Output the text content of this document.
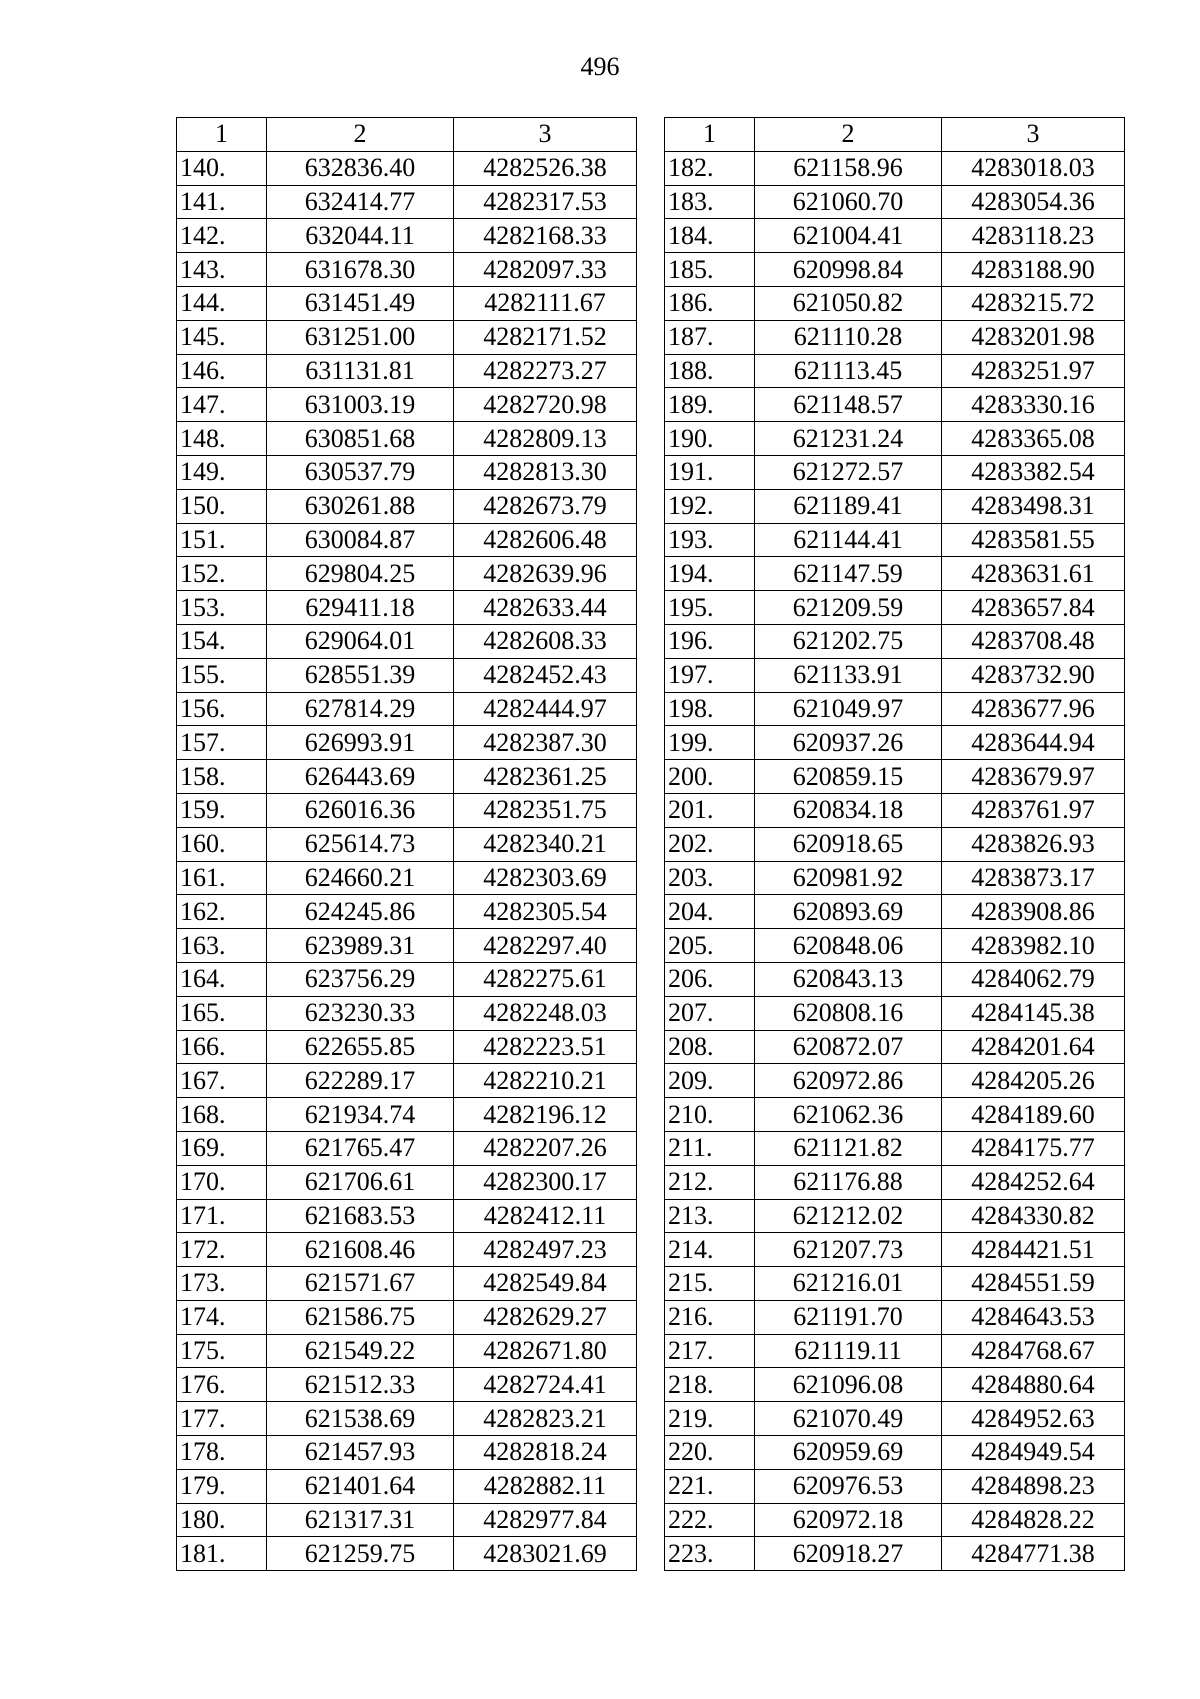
496
1	2	3
140.	632836.40	4282526.38
141.	632414.77	4282317.53
142.	632044.11	4282168.33
143.	631678.30	4282097.33
144.	631451.49	4282111.67
145.	631251.00	4282171.52
146.	631131.81	4282273.27
147.	631003.19	4282720.98
148.	630851.68	4282809.13
149.	630537.79	4282813.30
150.	630261.88	4282673.79
151.	630084.87	4282606.48
152.	629804.25	4282639.96
153.	629411.18	4282633.44
154.	629064.01	4282608.33
155.	628551.39	4282452.43
156.	627814.29	4282444.97
157.	626993.91	4282387.30
158.	626443.69	4282361.25
159.	626016.36	4282351.75
160.	625614.73	4282340.21
161.	624660.21	4282303.69
162.	624245.86	4282305.54
163.	623989.31	4282297.40
164.	623756.29	4282275.61
165.	623230.33	4282248.03
166.	622655.85	4282223.51
167.	622289.17	4282210.21
168.	621934.74	4282196.12
169.	621765.47	4282207.26
170.	621706.61	4282300.17
171.	621683.53	4282412.11
172.	621608.46	4282497.23
173.	621571.67	4282549.84
174.	621586.75	4282629.27
175.	621549.22	4282671.80
176.	621512.33	4282724.41
177.	621538.69	4282823.21
178.	621457.93	4282818.24
179.	621401.64	4282882.11
180.	621317.31	4282977.84
181.	621259.75	4283021.69
1	2	3
182.	621158.96	4283018.03
183.	621060.70	4283054.36
184.	621004.41	4283118.23
185.	620998.84	4283188.90
186.	621050.82	4283215.72
187.	621110.28	4283201.98
188.	621113.45	4283251.97
189.	621148.57	4283330.16
190.	621231.24	4283365.08
191.	621272.57	4283382.54
192.	621189.41	4283498.31
193.	621144.41	4283581.55
194.	621147.59	4283631.61
195.	621209.59	4283657.84
196.	621202.75	4283708.48
197.	621133.91	4283732.90
198.	621049.97	4283677.96
199.	620937.26	4283644.94
200.	620859.15	4283679.97
201.	620834.18	4283761.97
202.	620918.65	4283826.93
203.	620981.92	4283873.17
204.	620893.69	4283908.86
205.	620848.06	4283982.10
206.	620843.13	4284062.79
207.	620808.16	4284145.38
208.	620872.07	4284201.64
209.	620972.86	4284205.26
210.	621062.36	4284189.60
211.	621121.82	4284175.77
212.	621176.88	4284252.64
213.	621212.02	4284330.82
214.	621207.73	4284421.51
215.	621216.01	4284551.59
216.	621191.70	4284643.53
217.	621119.11	4284768.67
218.	621096.08	4284880.64
219.	621070.49	4284952.63
220.	620959.69	4284949.54
221.	620976.53	4284898.23
222.	620972.18	4284828.22
223.	620918.27	4284771.38
